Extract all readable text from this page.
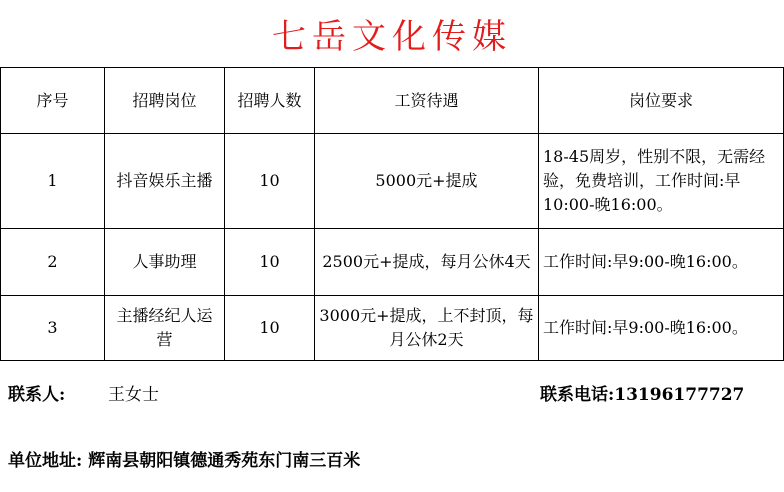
七岳文化传媒
序号	招聘岗位	招聘人数	工资待遇	岗位要求
1	抖音娱乐主播	10	5000元+提成	18-45周岁，性别不限，无需经验，免费培训，工作时间:早10:00-晚16:00。
2	人事助理	10	2500元+提成，每月公休4天	工作时间:早9:00-晚16:00。
3	主播经纪人运营	10	3000元+提成，上不封顶，每月公休2天	工作时间:早9:00-晚16:00。
联系人:	王女士	联系电话:13196177727
单位地址: 辉南县朝阳镇德通秀苑东门南三百米
